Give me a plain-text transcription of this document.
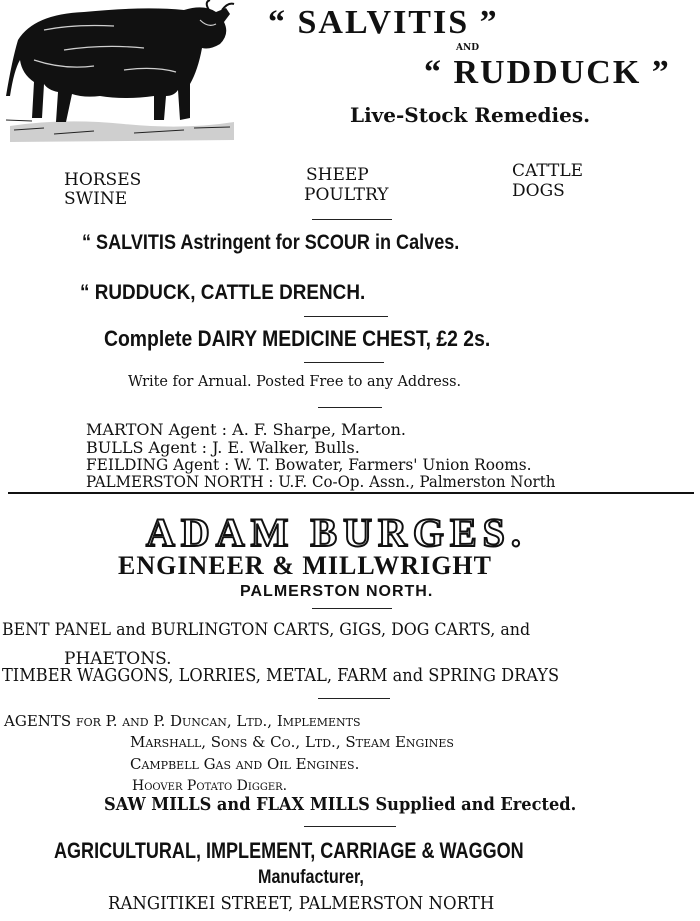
“ SALVITIS ”
AND
“ RUDDUCK ”
Live-Stock Remedies.
HORSES
SWINE
SHEEP
POULTRY
CATTLE
DOGS
“ SALVITIS Astringent for SCOUR in Calves.
“ RUDDUCK, CATTLE DRENCH.
Complete DAIRY MEDICINE CHEST, £2 2s.
Write for Arnual. Posted Free to any Address.
MARTON Agent : A. F. Sharpe, Marton.
BULLS Agent : J. E. Walker, Bulls.
FEILDING Agent : W. T. Bowater, Farmers' Union Rooms.
PALMERSTON NORTH : U.F. Co-Op. Assn., Palmerston North
ADAM BURGES.
ENGINEER & MILLWRIGHT
PALMERSTON NORTH.
BENT PANEL and BURLINGTON CARTS, GIGS, DOG CARTS, and
PHAETONS.
TIMBER WAGGONS, LORRIES, METAL, FARM and SPRING DRAYS
AGENTS for P. and P. Duncan, Ltd., Implements
Marshall, Sons & Co., Ltd., Steam Engines
Campbell Gas and Oil Engines.
Hoover Potato Digger.
SAW MILLS and FLAX MILLS Supplied and Erected.
AGRICULTURAL, IMPLEMENT, CARRIAGE & WAGGON
Manufacturer,
RANGITIKEI STREET, PALMERSTON NORTH
